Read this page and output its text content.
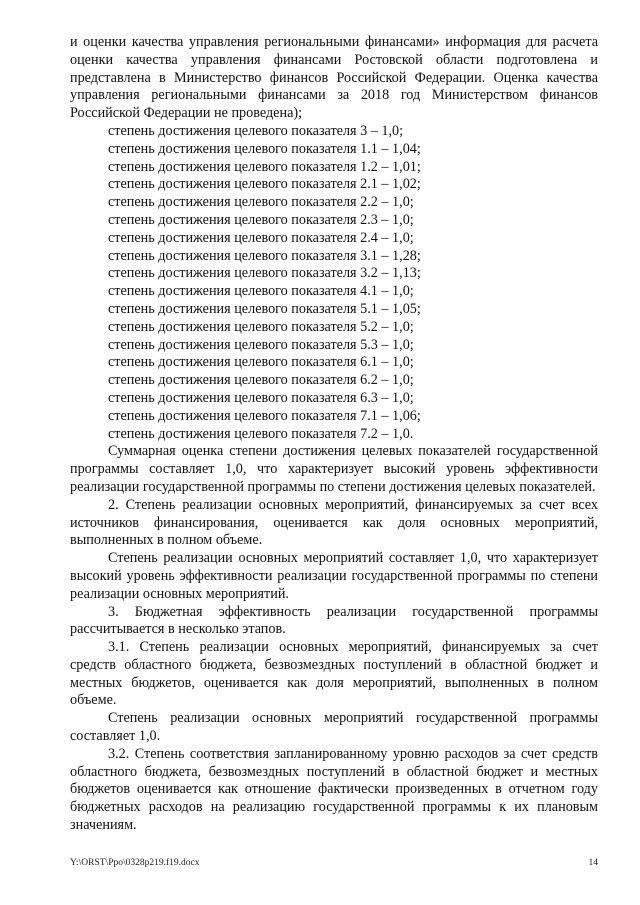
и оценки качества управления региональными финансами» информация для расчета оценки качества управления финансами Ростовской области подготовлена и представлена в Министерство финансов Российской Федерации. Оценка качества управления региональными финансами за 2018 год Министерством финансов Российской Федерации не проведена);

степень достижения целевого показателя 3 – 1,0;
степень достижения целевого показателя 1.1 – 1,04;
степень достижения целевого показателя 1.2 – 1,01;
степень достижения целевого показателя 2.1 – 1,02;
степень достижения целевого показателя 2.2 – 1,0;
степень достижения целевого показателя 2.3 – 1,0;
степень достижения целевого показателя 2.4 – 1,0;
степень достижения целевого показателя 3.1 – 1,28;
степень достижения целевого показателя 3.2 – 1,13;
степень достижения целевого показателя 4.1 – 1,0;
степень достижения целевого показателя 5.1 – 1,05;
степень достижения целевого показателя 5.2 – 1,0;
степень достижения целевого показателя 5.3 – 1,0;
степень достижения целевого показателя 6.1 – 1,0;
степень достижения целевого показателя 6.2 – 1,0;
степень достижения целевого показателя 6.3 – 1,0;
степень достижения целевого показателя 7.1 – 1,06;
степень достижения целевого показателя 7.2 – 1,0.

Суммарная оценка степени достижения целевых показателей государственной программы составляет 1,0, что характеризует высокий уровень эффективности реализации государственной программы по степени достижения целевых показателей.

2. Степень реализации основных мероприятий, финансируемых за счет всех источников финансирования, оценивается как доля основных мероприятий, выполненных в полном объеме.

Степень реализации основных мероприятий составляет 1,0, что характеризует высокий уровень эффективности реализации государственной программы по степени реализации основных мероприятий.

3. Бюджетная эффективность реализации государственной программы рассчитывается в несколько этапов.

3.1. Степень реализации основных мероприятий, финансируемых за счет средств областного бюджета, безвозмездных поступлений в областной бюджет и местных бюджетов, оценивается как доля мероприятий, выполненных в полном объеме.

Степень реализации основных мероприятий государственной программы составляет 1,0.

3.2. Степень соответствия запланированному уровню расходов за счет средств областного бюджета, безвозмездных поступлений в областной бюджет и местных бюджетов оценивается как отношение фактически произведенных в отчетном году бюджетных расходов на реализацию государственной программы к их плановым значениям.

Y:\ORST\Ppo\0328p219.f19.docx	14
